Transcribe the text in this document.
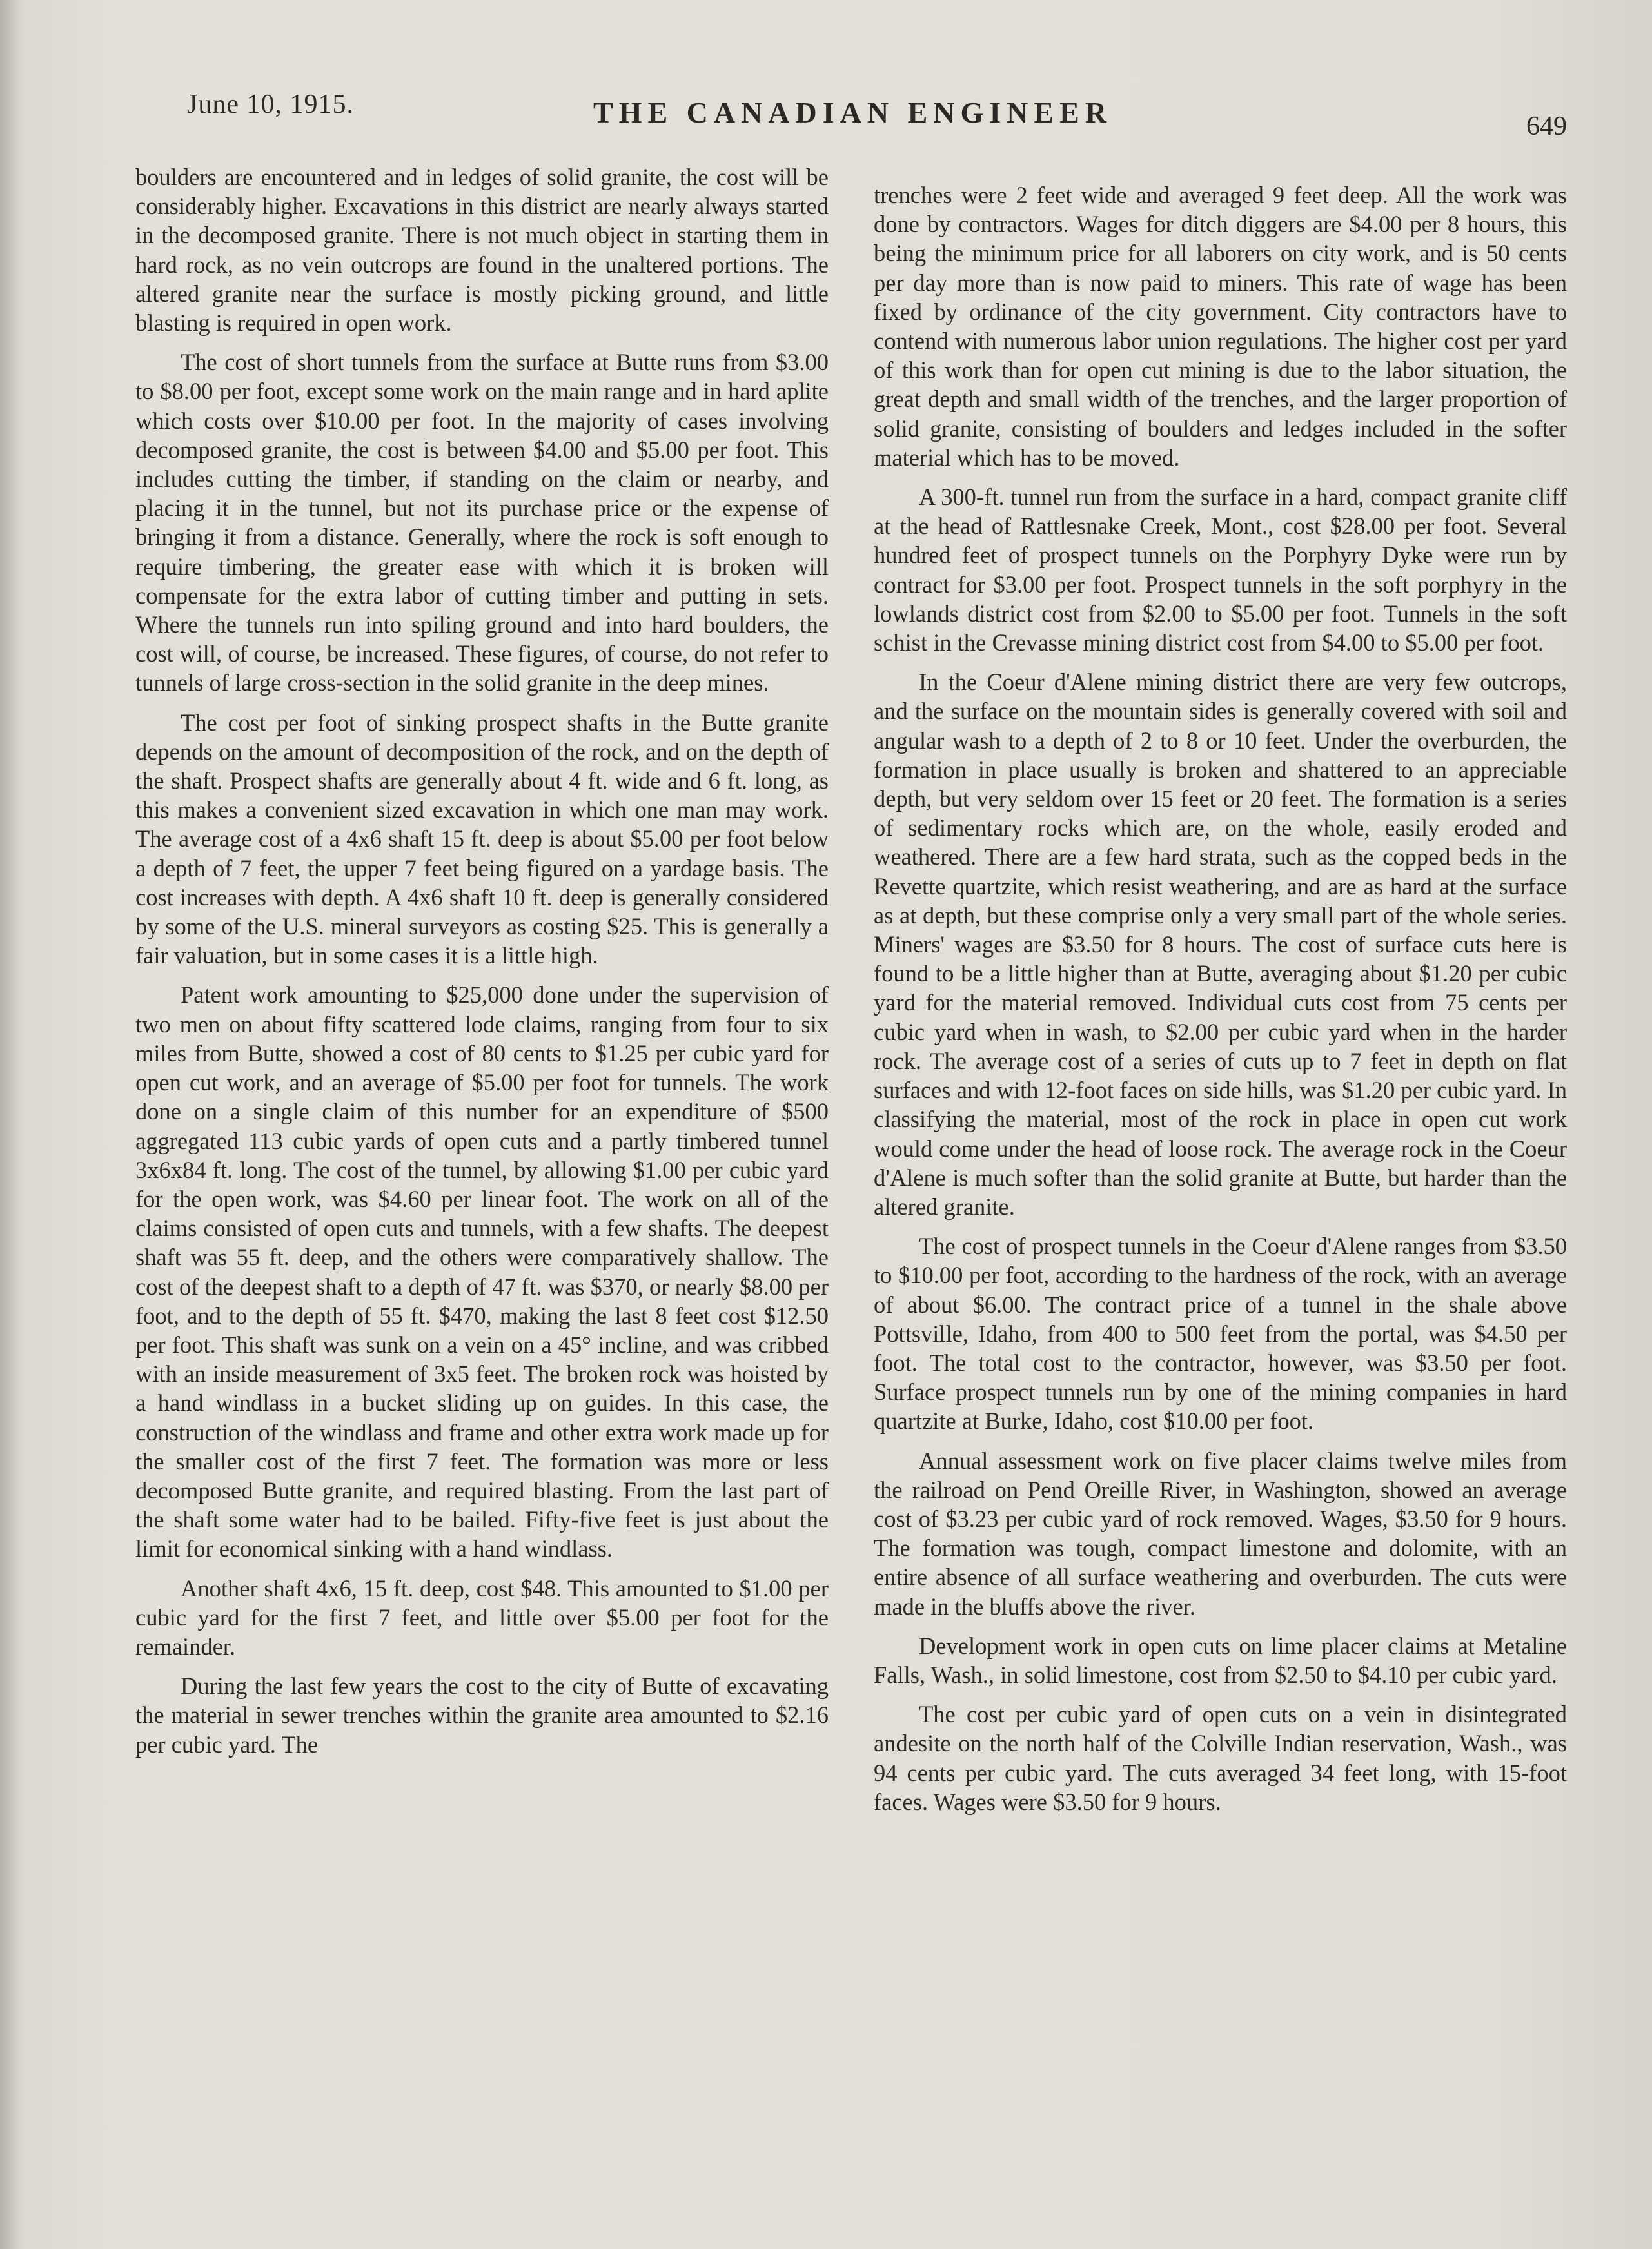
June 10, 1915.	THE CANADIAN ENGINEER	649

boulders are encountered and in ledges of solid granite, the cost will be considerably higher. Excavations in this district are nearly always started in the decomposed granite. There is not much object in starting them in hard rock, as no vein outcrops are found in the unaltered portions. The altered granite near the surface is mostly picking ground, and little blasting is required in open work.

The cost of short tunnels from the surface at Butte runs from $3.00 to $8.00 per foot, except some work on the main range and in hard aplite which costs over $10.00 per foot. In the majority of cases involving decomposed granite, the cost is between $4.00 and $5.00 per foot. This includes cutting the timber, if standing on the claim or nearby, and placing it in the tunnel, but not its purchase price or the expense of bringing it from a distance. Generally, where the rock is soft enough to require timbering, the greater ease with which it is broken will compensate for the extra labor of cutting timber and putting in sets. Where the tunnels run into spiling ground and into hard boulders, the cost will, of course, be increased. These figures, of course, do not refer to tunnels of large cross-section in the solid granite in the deep mines.

The cost per foot of sinking prospect shafts in the Butte granite depends on the amount of decomposition of the rock, and on the depth of the shaft. Prospect shafts are generally about 4 ft. wide and 6 ft. long, as this makes a convenient sized excavation in which one man may work. The average cost of a 4x6 shaft 15 ft. deep is about $5.00 per foot below a depth of 7 feet, the upper 7 feet being figured on a yardage basis. The cost increases with depth. A 4x6 shaft 10 ft. deep is generally considered by some of the U.S. mineral surveyors as costing $25. This is generally a fair valuation, but in some cases it is a little high.

Patent work amounting to $25,000 done under the supervision of two men on about fifty scattered lode claims, ranging from four to six miles from Butte, showed a cost of 80 cents to $1.25 per cubic yard for open cut work, and an average of $5.00 per foot for tunnels. The work done on a single claim of this number for an expenditure of $500 aggregated 113 cubic yards of open cuts and a partly timbered tunnel 3x6x84 ft. long. The cost of the tunnel, by allowing $1.00 per cubic yard for the open work, was $4.60 per linear foot. The work on all of the claims consisted of open cuts and tunnels, with a few shafts. The deepest shaft was 55 ft. deep, and the others were comparatively shallow. The cost of the deepest shaft to a depth of 47 ft. was $370, or nearly $8.00 per foot, and to the depth of 55 ft. $470, making the last 8 feet cost $12.50 per foot. This shaft was sunk on a vein on a 45° incline, and was cribbed with an inside measurement of 3x5 feet. The broken rock was hoisted by a hand windlass in a bucket sliding up on guides. In this case, the construction of the windlass and frame and other extra work made up for the smaller cost of the first 7 feet. The formation was more or less decomposed Butte granite, and required blasting. From the last part of the shaft some water had to be bailed. Fifty-five feet is just about the limit for economical sinking with a hand windlass.

Another shaft 4x6, 15 ft. deep, cost $48. This amounted to $1.00 per cubic yard for the first 7 feet, and little over $5.00 per foot for the remainder.

During the last few years the cost to the city of Butte of excavating the material in sewer trenches within the granite area amounted to $2.16 per cubic yard. The

trenches were 2 feet wide and averaged 9 feet deep. All the work was done by contractors. Wages for ditch diggers are $4.00 per 8 hours, this being the minimum price for all laborers on city work, and is 50 cents per day more than is now paid to miners. This rate of wage has been fixed by ordinance of the city government. City contractors have to contend with numerous labor union regulations. The higher cost per yard of this work than for open cut mining is due to the labor situation, the great depth and small width of the trenches, and the larger proportion of solid granite, consisting of boulders and ledges included in the softer material which has to be moved.

A 300-ft. tunnel run from the surface in a hard, compact granite cliff at the head of Rattlesnake Creek, Mont., cost $28.00 per foot. Several hundred feet of prospect tunnels on the Porphyry Dyke were run by contract for $3.00 per foot. Prospect tunnels in the soft porphyry in the lowlands district cost from $2.00 to $5.00 per foot. Tunnels in the soft schist in the Crevasse mining district cost from $4.00 to $5.00 per foot.

In the Coeur d'Alene mining district there are very few outcrops, and the surface on the mountain sides is generally covered with soil and angular wash to a depth of 2 to 8 or 10 feet. Under the overburden, the formation in place usually is broken and shattered to an appreciable depth, but very seldom over 15 feet or 20 feet. The formation is a series of sedimentary rocks which are, on the whole, easily eroded and weathered. There are a few hard strata, such as the copped beds in the Revette quartzite, which resist weathering, and are as hard at the surface as at depth, but these comprise only a very small part of the whole series. Miners' wages are $3.50 for 8 hours. The cost of surface cuts here is found to be a little higher than at Butte, averaging about $1.20 per cubic yard for the material removed. Individual cuts cost from 75 cents per cubic yard when in wash, to $2.00 per cubic yard when in the harder rock. The average cost of a series of cuts up to 7 feet in depth on flat surfaces and with 12-foot faces on side hills, was $1.20 per cubic yard. In classifying the material, most of the rock in place in open cut work would come under the head of loose rock. The average rock in the Coeur d'Alene is much softer than the solid granite at Butte, but harder than the altered granite.

The cost of prospect tunnels in the Coeur d'Alene ranges from $3.50 to $10.00 per foot, according to the hardness of the rock, with an average of about $6.00. The contract price of a tunnel in the shale above Pottsville, Idaho, from 400 to 500 feet from the portal, was $4.50 per foot. The total cost to the contractor, however, was $3.50 per foot. Surface prospect tunnels run by one of the mining companies in hard quartzite at Burke, Idaho, cost $10.00 per foot.

Annual assessment work on five placer claims twelve miles from the railroad on Pend Oreille River, in Washington, showed an average cost of $3.23 per cubic yard of rock removed. Wages, $3.50 for 9 hours. The formation was tough, compact limestone and dolomite, with an entire absence of all surface weathering and overburden. The cuts were made in the bluffs above the river.

Development work in open cuts on lime placer claims at Metaline Falls, Wash., in solid limestone, cost from $2.50 to $4.10 per cubic yard.

The cost per cubic yard of open cuts on a vein in disintegrated andesite on the north half of the Colville Indian reservation, Wash., was 94 cents per cubic yard. The cuts averaged 34 feet long, with 15-foot faces. Wages were $3.50 for 9 hours.
